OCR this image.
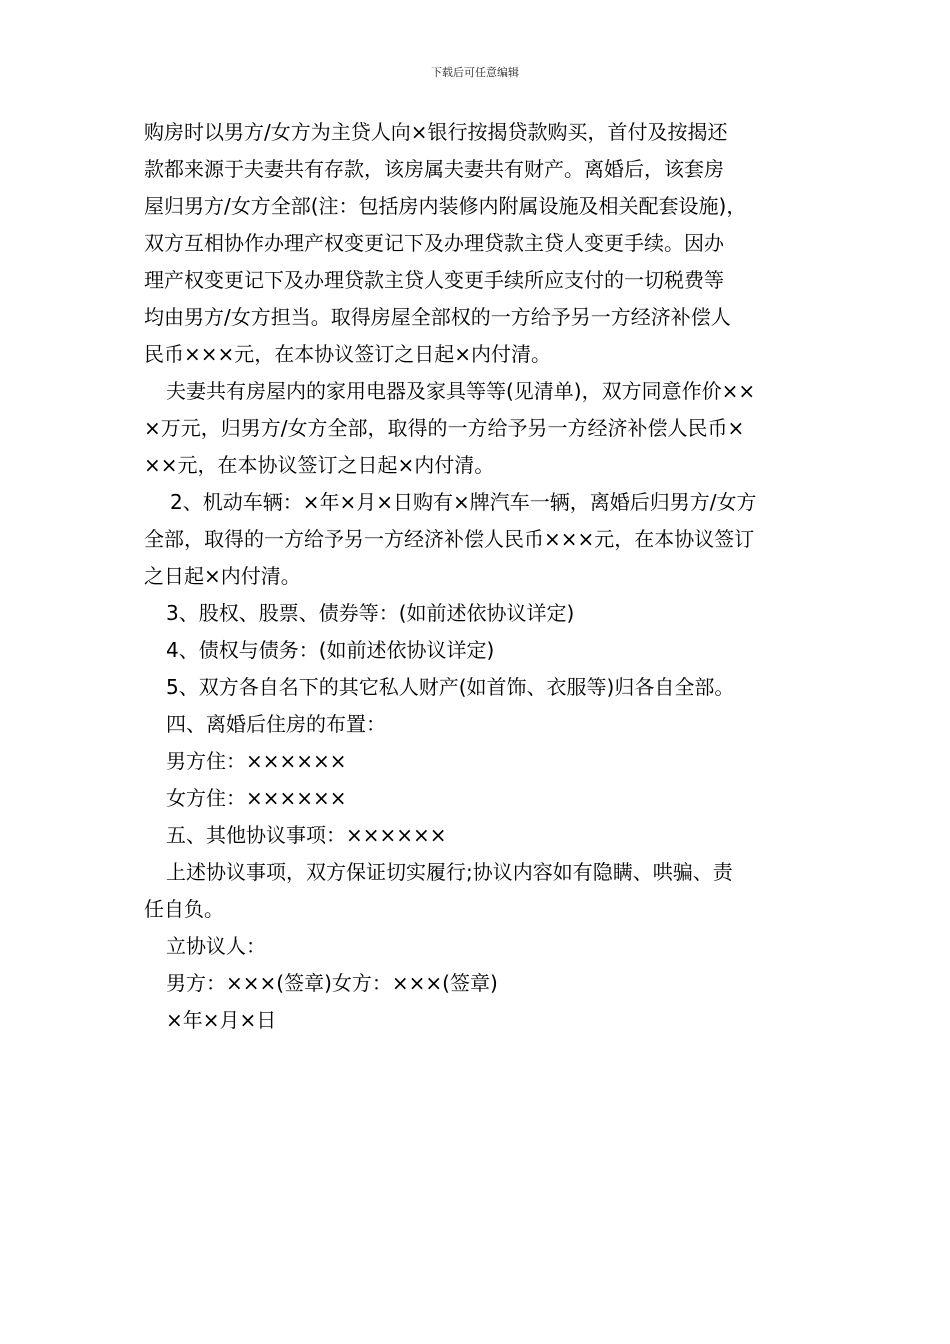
下载后可任意编辑
购房时以男方/女方为主贷人向×银行按揭贷款购买，首付及按揭还
款都来源于夫妻共有存款，该房属夫妻共有财产。离婚后，该套房
屋归男方/女方全部(注：包括房内装修内附属设施及相关配套设施)，
双方互相协作办理产权变更记下及办理贷款主贷人变更手续。因办
理产权变更记下及办理贷款主贷人变更手续所应支付的一切税费等
均由男方/女方担当。取得房屋全部权的一方给予另一方经济补偿人
民币×××元，在本协议签订之日起×内付清。
夫妻共有房屋内的家用电器及家具等等(见清单)，双方同意作价××
×万元，归男方/女方全部，取得的一方给予另一方经济补偿人民币×
××元，在本协议签订之日起×内付清。
2、机动车辆：×年×月×日购有×牌汽车一辆，离婚后归男方/女方
全部，取得的一方给予另一方经济补偿人民币×××元，在本协议签订
之日起×内付清。
3、股权、股票、债券等：(如前述依协议详定)
4、债权与债务：(如前述依协议详定)
5、双方各自名下的其它私人财产(如首饰、衣服等)归各自全部。
四、离婚后住房的布置：
男方住：××××××
女方住：××××××
五、其他协议事项：××××××
上述协议事项，双方保证切实履行;协议内容如有隐瞒、哄骗、责
任自负。
立协议人：
男方：×××(签章)女方：×××(签章)
×年×月×日
